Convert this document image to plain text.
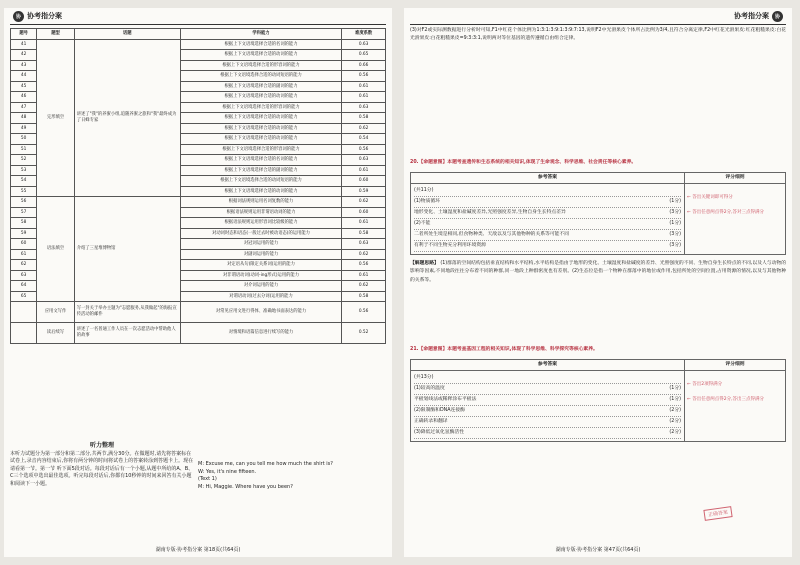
协 协考指分案
题号	题型	话题	学科能力	难度系数
41	完形填空	讲述了"我"的养蜜小组,追随养蜜之旅和"我"最终成为了日蜂专家	根据上下文语境选择合适的名词的能力	0.63
42			根据上下文语境选择合适的动词的能力	0.65
43			根据上下文语境选择合适的形容词的能力	0.66
44			根据上下文语境选择合适的动词短语的能力	0.56
45			根据上下文语境选择合适的副词的能力	0.61
46			根据上下文语境选择合适的动词的能力	0.61
47			根据上下文语境选择合适的形容词的能力	0.63
48			根据上下文语境选择合适的动词的能力	0.58
49			根据上下文语境选择合适的动词的能力	0.62
50			根据上下文语境选择合适的动词的能力	0.54
51			根据上下文语境选择合适的形容词的能力	0.56
52			根据上下文语境选择合适的名词的能力	0.63
53			根据上下文语境选择合适的副词的能力	0.61
54			根据上下文语境选择合适的动词短语的能力	0.60
55			根据上下文语境选择合适的动词的能力	0.59
56	语法填空	介绍了三星堆博物馆	根据词法规则运用名词复数的能力	0.62
57			根据语法规则运用非谓语动词的能力	0.60
58			根据语法规则运用形容词比较级的能力	0.61
59			对动词时态和语态(一般过去时被动语态)的运用能力	0.58
60			对冠词运用的能力	0.63
61			对副词运用的能力	0.62
62			对定语从句(限定关系词)运用的能力	0.56
63			对非谓语动词(动词-ing形式)运用的能力	0.61
64			对介词运用的能力	0.62
65			对谓语动词(过去分词)运用的能力	0.58
	应用文写作	写一封关于举办主题为"志愿服务,从我做起"的海报宣传活动的邮件	对常见应用文进行得体、准确地书面表达的能力	0.56
	读后续写	讲述了一名普通工作人员在一次志愿活动中帮助他人的故事	对情境和语篇信息进行续写的能力	0.52
听力整理
本听力试题分为第一部分和第二部分,共两节,满分30分。在做题时,请先将答案标在试卷上,录音内容结束后,你将有两分钟的时间将试卷上的答案转涂到答题卡上。现在请看第一节。第一节 听下面5段对话。每段对话后有一个小题,从题中所给的A、B、C三个选项中选出最佳选项。听完每段对话后,你都有10秒钟的时间来回答有关小题和阅读下一小题。
M: Excuse me, can you tell me how much the shirt is?
W: Yes, it's nine fifteen.
(Text 1)
M: Hi, Maggie. Where have you been?
湖南专版·协考指分案 第18页(共64页)
协考指分案	协
(3)对F2或实际测数据进行分析时可知,F1中红花个体比例为1:3:1:3:9:1:3:9:7:13,说明F2中光滑果皮个体所占比例为3/4,且符合分离定律,F2中红花光滑果皮:红花粗糙果皮:白花光滑果皮:白花粗糙果皮=9:3:3:1,说明两对等位基因的遗传遵循自由组合定律。
20.【命题意图】本题考查遗传和生态系统的相关知识,体现了生命观念、科学思维、社会责任等核心素养。
参考答案	评分细则
(共11分)
(1)物质循环	(1分)
地形变化、土壤湿度和盐碱度差异,光照强度差异,生物自身生长特点差异	(3分)
(2)不能	(1分)
二者所处生境是相同,但食物种类、天敌以及与其他物种的关系等可能不同	(3分)
有利于不同生物充分利用环境资源	(3分)
← 答出关键词即可得分
← 答出任意两点得2分,答对三点得满分
【解题思路】 (1)群落的空间结构包括垂直结构和水平结构,水平结构是指由于地形的变化、土壤湿度和盐碱度的差异、光照强度的不同、生物自身生长特点的不同,以及人与动物的影响等因素,不同地段往往分布着不同的种群,同一地段上种群密度也有差别。(2)生态位是指一个物种在群落中的地位或作用,包括所处的空间位置,占用资源的情况,以及与其他物种的关系等。
21.【命题意图】本题考查基因工程的相关知识,体现了科学思维、科学探究等核心素养。
参考答案	评分细则
(共13分)
(1)较高的温度	(1分)
平板划线法或稀释涂布平板法	(1分)
(2)限制酶和DNA连接酶	(2分)
正确转录和翻译	(2分)
(3)降低过氧化氢酶活性	(2分)
← 答出2项得满分
← 答出任意两点得2分,答出三点得满分
正确答案
湖南专版·协考指分案 第47页(共64页)
